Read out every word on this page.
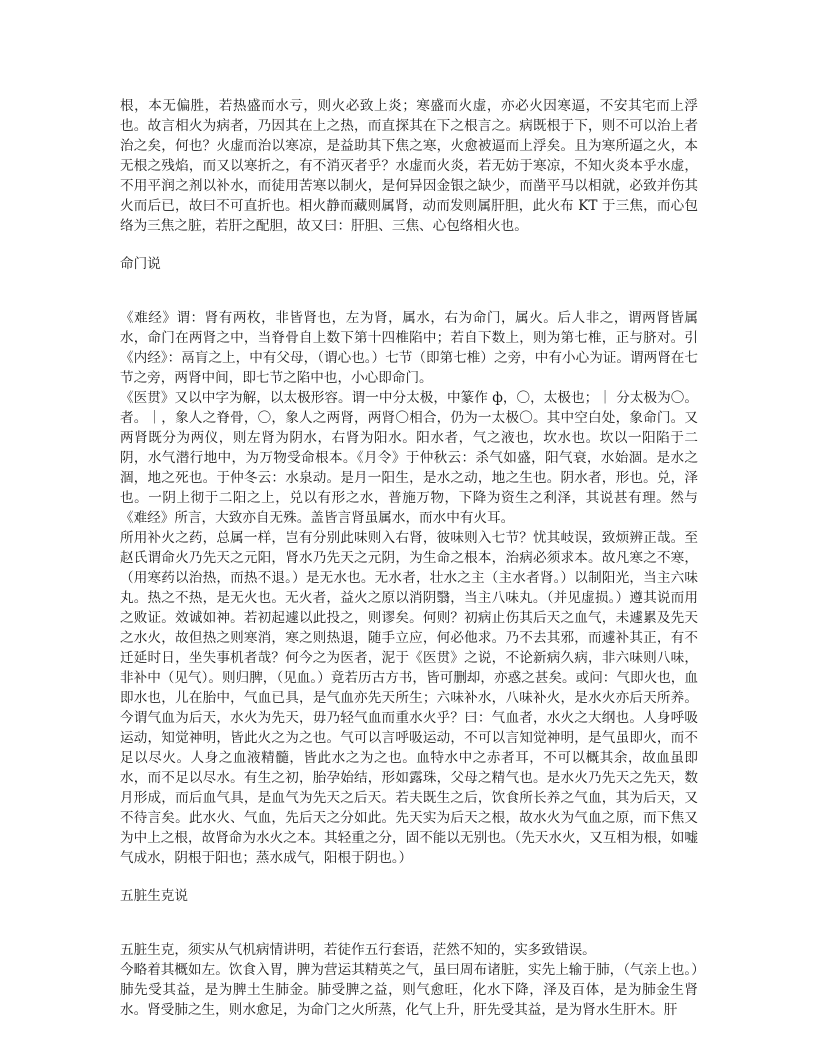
根，本无偏胜，若热盛而水亏，则火必致上炎；寒盛而火虚，亦必火因寒逼，不安其宅而上浮也。故言相火为病者，乃因其在上之热，而直探其在下之根言之。病既根于下，则不可以治上者治之矣，何也？火虚而治以寒凉，是益助其下焦之寒，火愈被逼而上浮矣。且为寒所逼之火，本无根之残焰，而又以寒折之，有不消灭者乎？水虚而火炎，若无妨于寒凉，不知火炎本乎水虚，不用平润之剂以补水，而徒用苦寒以制火，是何异因金银之缺少，而凿平马以相就，必致并伤其火而后已，故曰不可直折也。相火静而藏则属肾，动而发则属肝胆，此火布 KT 于三焦，而心包络为三焦之脏，若肝之配胆，故又曰：肝胆、三焦、心包络相火也。

命门说

《难经》谓：肾有两枚，非皆肾也，左为肾，属水，右为命门，属火。后人非之，谓两肾皆属水，命门在两肾之中，当脊骨自上数下第十四椎陷中；若自下数上，则为第七椎，正与脐对。引《内经》：鬲肓之上，中有父母，（谓心也。）七节（即第七椎）之旁，中有小心为证。谓两肾在七节之旁，两肾中间，即七节之陷中也，小心即命门。

《医贯》又以中字为解，以太极形容。谓一中分太极，中篆作 ф，〇，太极也；｜ 分太极为〇。者。｜，象人之脊骨，〇，象人之两肾，两肾〇相合，仍为一太极〇。其中空白处，象命门。又两肾既分为两仪，则左肾为阴水，右肾为阳水。阳水者，气之液也，坎水也。坎以一阳陷于二阴，水气潜行地中，为万物受命根本。《月令》于仲秋云：杀气如盛，阳气衰，水始涸。是水之涸，地之死也。于仲冬云：水泉动。是月一阳生，是水之动，地之生也。阴水者，形也。兑，泽也。一阴上彻于二阳之上，兑以有形之水，普施万物，下降为资生之利泽，其说甚有理。然与《难经》所言，大致亦自无殊。盖皆言肾虽属水，而水中有火耳。

所用补火之药，总属一样，岂有分别此味则入右肾，彼味则入七节？忧其岐误，致烦辨正哉。至赵氏谓命火乃先天之元阳，肾水乃先天之元阴，为生命之根本，治病必须求本。故凡寒之不寒，（用寒药以治热，而热不退。）是无水也。无水者，壮水之主（主水者肾。）以制阳光，当主六味丸。热之不热，是无火也。无火者，益火之原以消阴翳，当主八味丸。（并见虚损。）遵其说而用之败证。效诚如神。若初起遽以此投之，则谬矣。何则？初病止伤其后天之血气，未遽累及先天之水火，故但热之则寒消，寒之则热退，随手立应，何必他求。乃不去其邪，而遽补其正，有不迁延时日，坐失事机者哉？何今之为医者，泥于《医贯》之说，不论新病久病，非六味则八味，非补中（见气）。则归脾，（见血。）竟若历古方书，皆可删却，亦惑之甚矣。或问：气即火也，血即水也，儿在胎中，气血已具，是气血亦先天所生；六味补水，八味补火，是水火亦后天所养。今谓气血为后天，水火为先天，毋乃轻气血而重水火乎？曰：气血者，水火之大纲也。人身呼吸运动，知觉神明，皆此火之为之也。气可以言呼吸运动，不可以言知觉神明，是气虽即火，而不足以尽火。人身之血液精髓，皆此水之为之也。血特水中之赤者耳，不可以概其余，故血虽即水，而不足以尽水。有生之初，胎孕始结，形如露珠，父母之精气也。是水火乃先天之先天，数月形成，而后血气具，是血气为先天之后天。若夫既生之后，饮食所长养之气血，其为后天，又不待言矣。此水火、气血，先后天之分如此。先天实为后天之根，故水火为气血之原，而下焦又为中上之根，故肾命为水火之本。其轻重之分，固不能以无别也。（先天水火，又互相为根，如嘘气成水，阴根于阳也；蒸水成气，阳根于阴也。）

五脏生克说

五脏生克，须实从气机病情讲明，若徒作五行套语，茫然不知的，实多致错误。

今略着其概如左。饮食入胃，脾为营运其精英之气，虽曰周布诸脏，实先上输于肺，（气亲上也。）肺先受其益，是为脾土生肺金。肺受脾之益，则气愈旺，化水下降，泽及百体，是为肺金生肾水。肾受肺之生，则水愈足，为命门之火所蒸，化气上升，肝先受其益，是为肾水生肝木。肝
